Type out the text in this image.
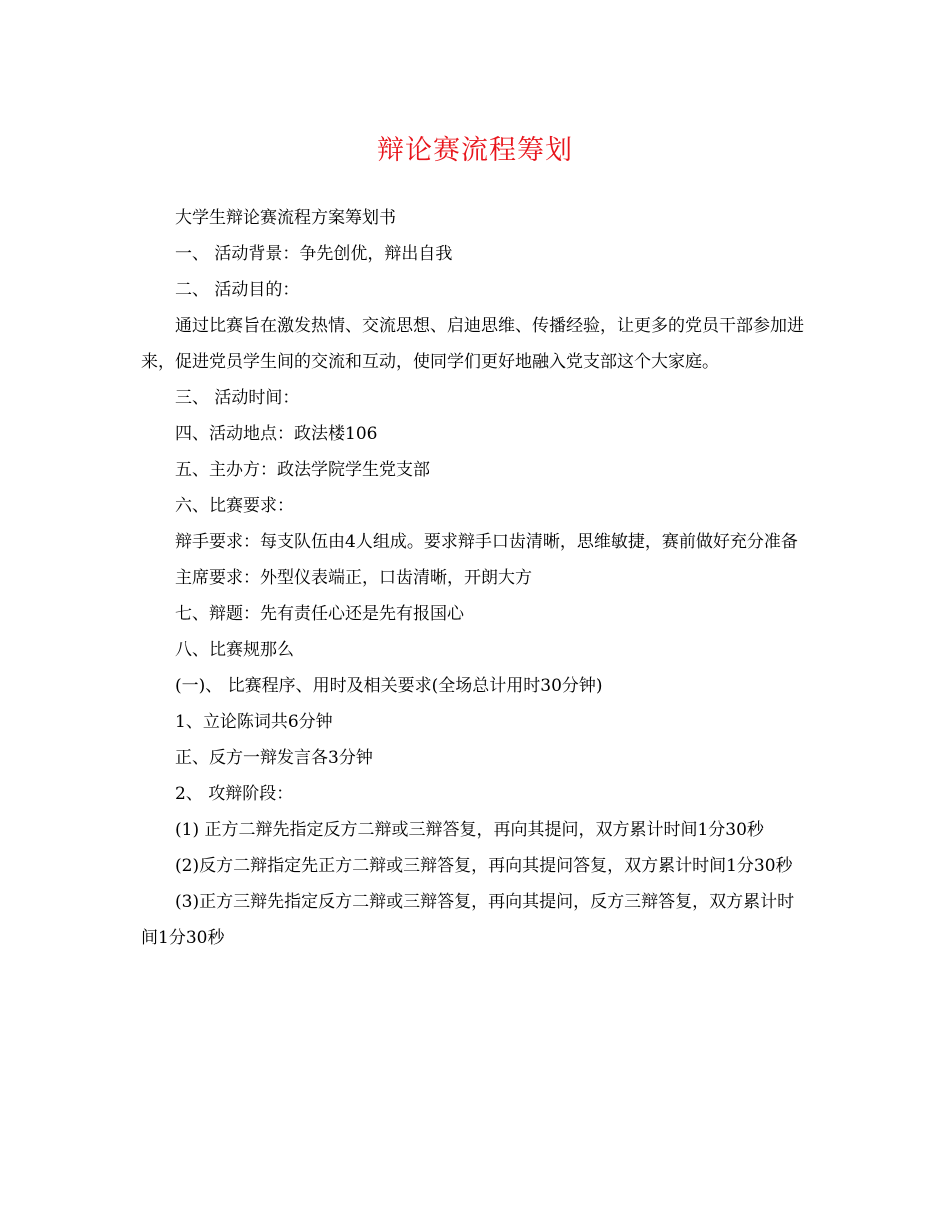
辩论赛流程筹划

大学生辩论赛流程方案筹划书

一、 活动背景：争先创优，辩出自我

二、 活动目的：

通过比赛旨在激发热情、交流思想、启迪思维、传播经验，让更多的党员干部参加进来，促进党员学生间的交流和互动，使同学们更好地融入党支部这个大家庭。

三、 活动时间：

四、活动地点：政法楼106

五、主办方：政法学院学生党支部

六、比赛要求：

辩手要求：每支队伍由4人组成。要求辩手口齿清晰，思维敏捷，赛前做好充分准备

主席要求：外型仪表端正，口齿清晰，开朗大方

七、辩题：先有责任心还是先有报国心

八、比赛规那么

(一)、 比赛程序、用时及相关要求(全场总计用时30分钟)

1、立论陈词共6分钟

正、反方一辩发言各3分钟

2、 攻辩阶段：

(1) 正方二辩先指定反方二辩或三辩答复，再向其提问，双方累计时间1分30秒

(2)反方二辩指定先正方二辩或三辩答复，再向其提问答复，双方累计时间1分30秒

(3)正方三辩先指定反方二辩或三辩答复，再向其提问，反方三辩答复，双方累计时间1分30秒
